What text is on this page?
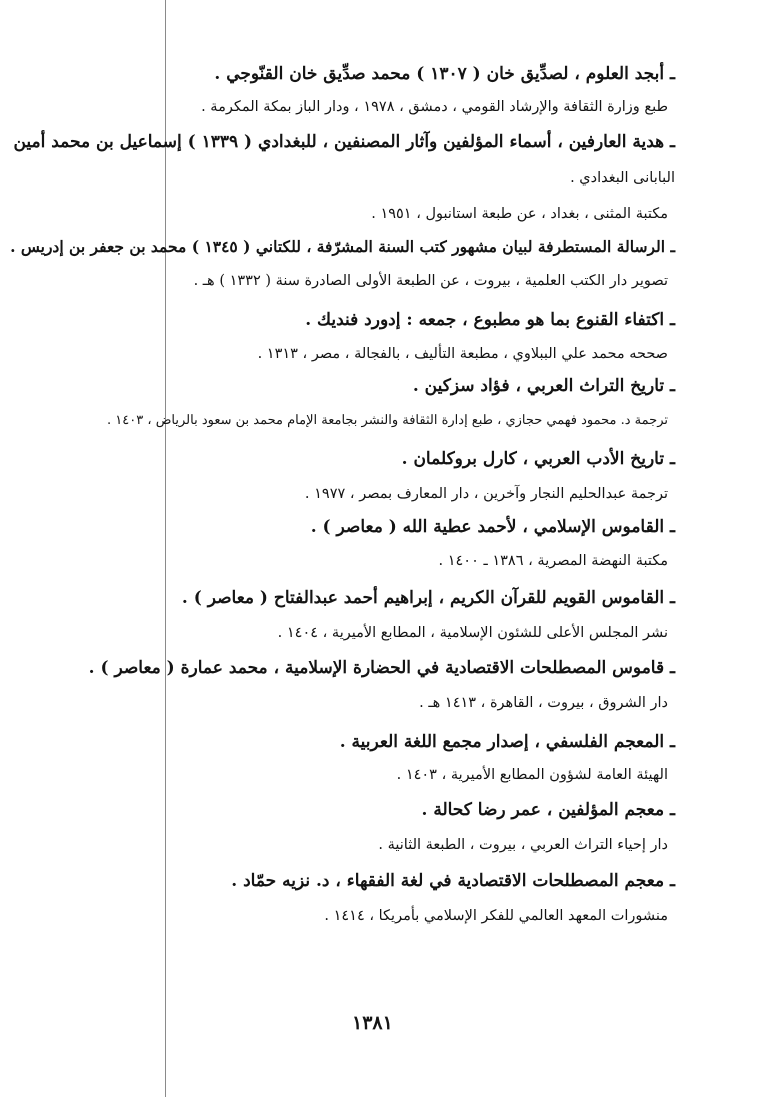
ـ أبجد العلوم ، لصدِّيق خان ( ١٣٠٧ ) محمد صدِّيق خان القنّوجي .
طبع وزارة الثقافة والإرشاد القومي ، دمشق ، ١٩٧٨ ، ودار الباز بمكة المكرمة .
ـ هدية العارفين ، أسماء المؤلفين وآثار المصنفين ، للبغدادي ( ١٣٣٩ ) إسماعيل بن محمد أمين
البابانى البغدادي .
مكتبة المثنى ، بغداد ، عن طبعة استانبول ، ١٩٥١ .
ـ الرسالة المستطرفة لبيان مشهور كتب السنة المشرّفة ، للكتاني ( ١٣٤٥ ) محمد بن جعفر بن إدريس .
تصوير دار الكتب العلمية ، بيروت ، عن الطبعة الأولى الصادرة سنة ( ١٣٣٢ ) هـ .
ـ اكتفاء القنوع بما هو مطبوع ، جمعه : إدورد فنديك .
صححه محمد علي الببلاوي ، مطبعة التأليف ، بالفجالة ، مصر ، ١٣١٣ .
ـ تاريخ التراث العربي ، فؤاد سزكين .
ترجمة د. محمود فهمي حجازي ، طبع إدارة الثقافة والنشر بجامعة الإمام محمد بن سعود بالرياض ، ١٤٠٣ .
ـ تاريخ الأدب العربي ، كارل بروكلمان .
ترجمة عبدالحليم النجار وآخرين ، دار المعارف بمصر ، ١٩٧٧ .
ـ القاموس الإسلامي ، لأحمد عطية الله ( معاصر ) .
مكتبة النهضة المصرية ، ١٣٨٦ ـ ١٤٠٠ .
ـ القاموس القويم للقرآن الكريم ، إبراهيم أحمد عبدالفتاح ( معاصر ) .
نشر المجلس الأعلى للشئون الإسلامية ، المطابع الأميرية ، ١٤٠٤ .
ـ قاموس المصطلحات الاقتصادية في الحضارة الإسلامية ، محمد عمارة ( معاصر ) .
دار الشروق ، بيروت ، القاهرة ، ١٤١٣ هـ .
ـ المعجم الفلسفي ، إصدار مجمع اللغة العربية .
الهيئة العامة لشؤون المطابع الأميرية ، ١٤٠٣ .
ـ معجم المؤلفين ، عمر رضا كحالة .
دار إحياء التراث العربي ، بيروت ، الطبعة الثانية .
ـ معجم المصطلحات الاقتصادية في لغة الفقهاء ، د. نزيه حمّاد .
منشورات المعهد العالمي للفكر الإسلامي بأمريكا ، ١٤١٤ .
١٣٨١
